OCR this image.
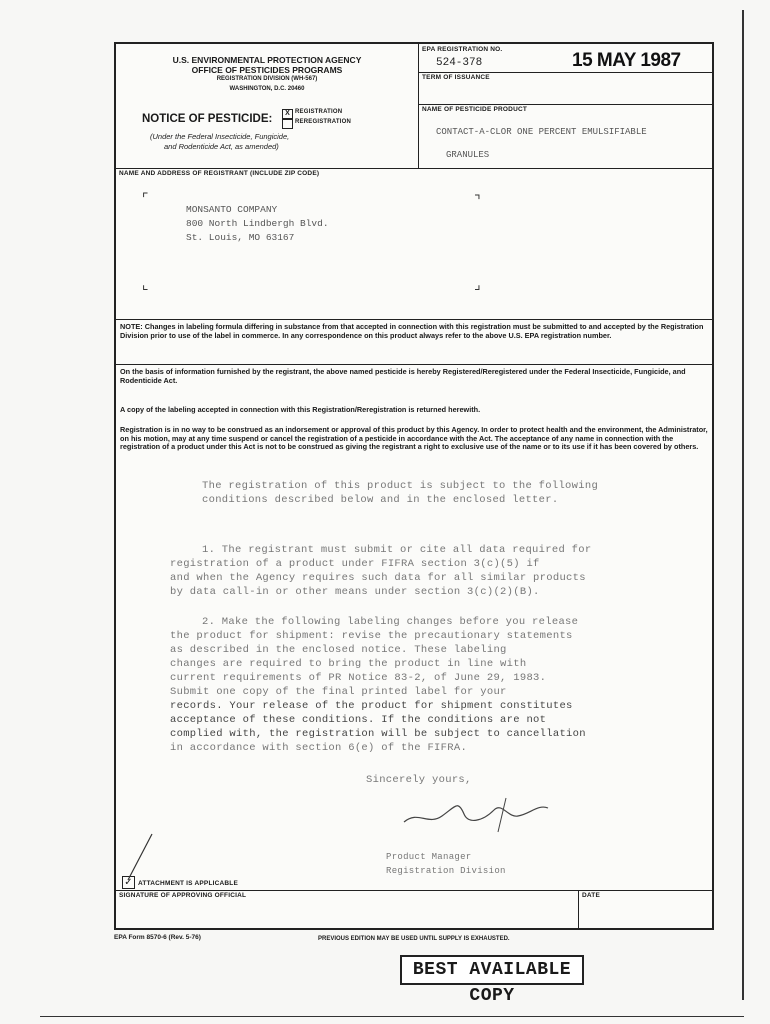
U.S. ENVIRONMENTAL PROTECTION AGENCY
OFFICE OF PESTICIDES PROGRAMS
REGISTRATION DIVISION (WH-567)
WASHINGTON, D.C. 20460
NOTICE OF PESTICIDE:	X REGISTRATION
REREGISTRATION
(Under the Federal Insecticide, Fungicide,
and Rodenticide Act, as amended)
EPA REGISTRATION NO.
524-378	15 MAY 1987
TERM OF ISSUANCE
NAME OF PESTICIDE PRODUCT
CONTACT-A-CLOR ONE PERCENT EMULSIFIABLE
GRANULES
NAME AND ADDRESS OF REGISTRANT (INCLUDE ZIP CODE)
⌜	⌝
⌞	⌟
MONSANTO COMPANY
800 North Lindbergh Blvd.
St. Louis, MO 63167
NOTE: Changes in labeling formula differing in substance from that accepted in connection with this registration must be submitted to and accepted by the Registration Division prior to use of the label in commerce. In any correspondence on this product always refer to the above U.S. EPA registration number.
On the basis of information furnished by the registrant, the above named pesticide is hereby Registered/Reregistered under the Federal Insecticide, Fungicide, and Rodenticide Act.
A copy of the labeling accepted in connection with this Registration/Reregistration is returned herewith.
Registration is in no way to be construed as an indorsement or approval of this product by this Agency. In order to protect health and the environment, the Administrator, on his motion, may at any time suspend or cancel the registration of a pesticide in accordance with the Act. The acceptance of any name in connection with the registration of a product under this Act is not to be construed as giving the registrant a right to exclusive use of the name or to its use if it has been covered by others.
The registration of this product is subject to the following
conditions described below and in the enclosed letter.
1. The registrant must submit or cite all data required for
registration of a product under FIFRA section 3(c)(5) if
and when the Agency requires such data for all similar products
by data call-in or other means under section 3(c)(2)(B).
2. Make the following labeling changes before you release
the product for shipment: revise the precautionary statements
as described in the enclosed notice. These labeling
changes are required to bring the product in line with
current requirements of PR Notice 83-2, of June 29, 1983.
Submit one copy of the final printed label for your
records. Your release of the product for shipment constitutes
acceptance of these conditions. If the conditions are not
complied with, the registration will be subject to cancellation
in accordance with section 6(e) of the FIFRA.
Sincerely yours,
Product Manager
Registration Division
✓ ATTACHMENT IS APPLICABLE
SIGNATURE OF APPROVING OFFICIAL	DATE
EPA Form 8570-6 (Rev. 5-76)	PREVIOUS EDITION MAY BE USED UNTIL SUPPLY IS EXHAUSTED.
BEST AVAILABLE COPY
